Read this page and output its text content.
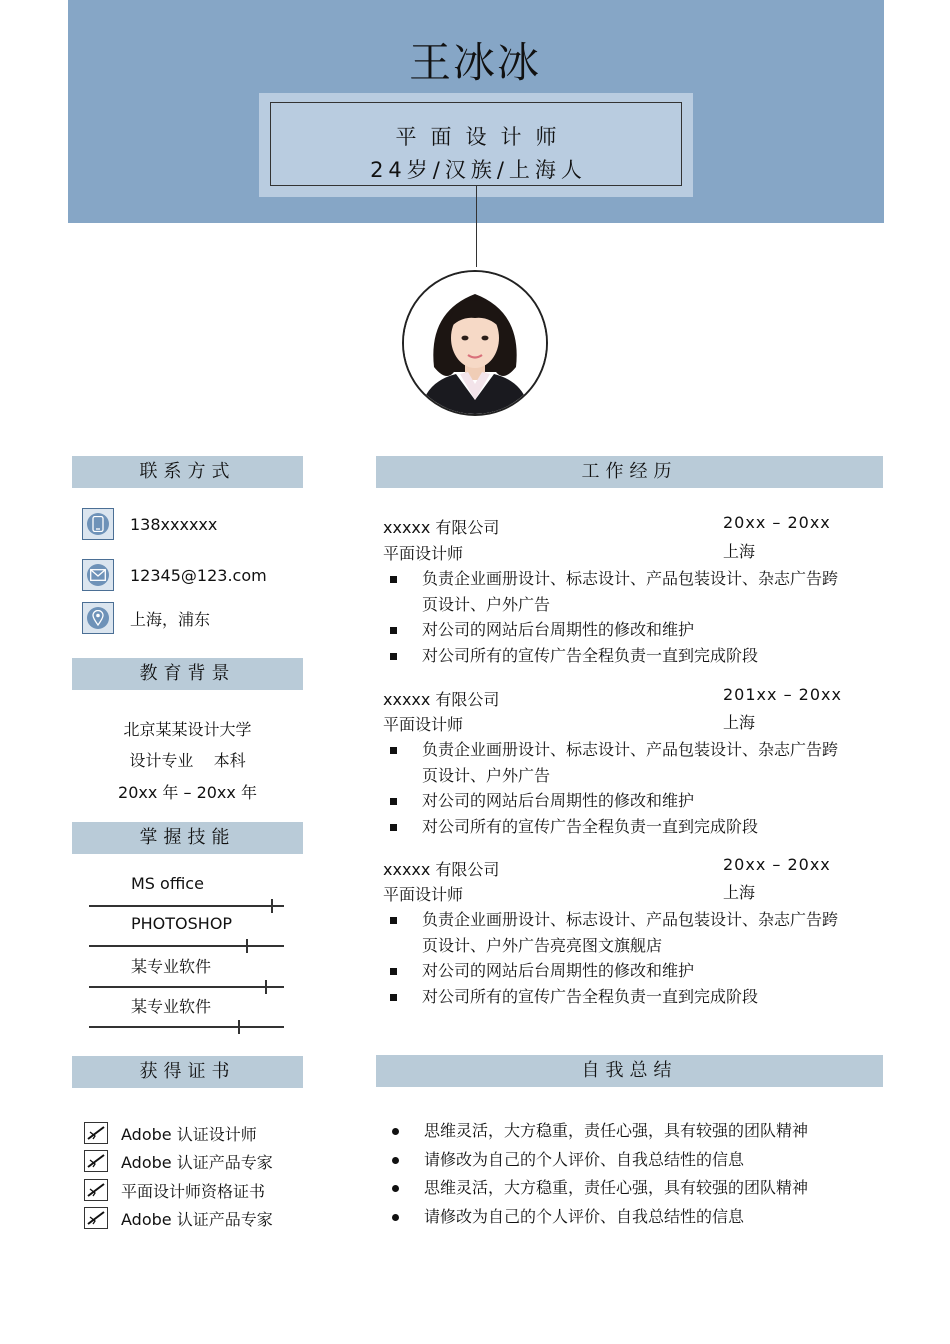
王冰冰
平面设计师
24岁/汉族/上海人
联系方式
138xxxxxx
12345@123.com
上海，浦东
教育背景
北京某某设计大学
设计专业    本科
20xx 年 – 20xx 年
掌握技能
MS office
PHOTOSHOP
某专业软件
某专业软件
获得证书
Adobe 认证设计师
Adobe 认证产品专家
平面设计师资格证书
Adobe 认证产品专家
工作经历
xxxxx 有限公司	20xx – 20xx
平面设计师	上海
负责企业画册设计、标志设计、产品包装设计、杂志广告跨页设计、户外广告
对公司的网站后台周期性的修改和维护
对公司所有的宣传广告全程负责一直到完成阶段
xxxxx 有限公司	201xx – 20xx
平面设计师	上海
负责企业画册设计、标志设计、产品包装设计、杂志广告跨页设计、户外广告
对公司的网站后台周期性的修改和维护
对公司所有的宣传广告全程负责一直到完成阶段
xxxxx 有限公司	20xx – 20xx
平面设计师	上海
负责企业画册设计、标志设计、产品包装设计、杂志广告跨页设计、户外广告亮亮图文旗舰店
对公司的网站后台周期性的修改和维护
对公司所有的宣传广告全程负责一直到完成阶段
自我总结
思维灵活，大方稳重，责任心强，具有较强的团队精神
请修改为自己的个人评价、自我总结性的信息
思维灵活，大方稳重，责任心强，具有较强的团队精神
请修改为自己的个人评价、自我总结性的信息
